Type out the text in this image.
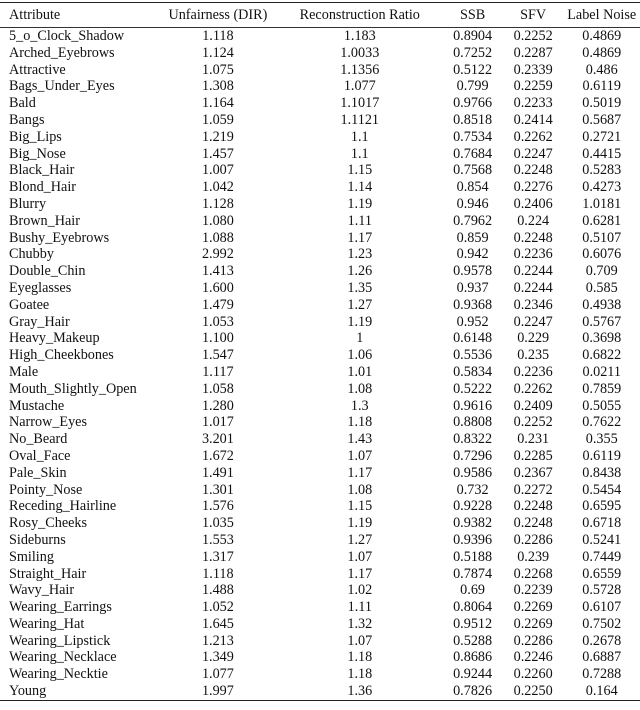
Attribute	Unfairness (DIR)	Reconstruction Ratio	SSB	SFV	Label Noise
5_o_Clock_Shadow	1.118	1.183	0.8904	0.2252	0.4869
Arched_Eyebrows	1.124	1.0033	0.7252	0.2287	0.4869
Attractive	1.075	1.1356	0.5122	0.2339	0.486
Bags_Under_Eyes	1.308	1.077	0.799	0.2259	0.6119
Bald	1.164	1.1017	0.9766	0.2233	0.5019
Bangs	1.059	1.1121	0.8518	0.2414	0.5687
Big_Lips	1.219	1.1	0.7534	0.2262	0.2721
Big_Nose	1.457	1.1	0.7684	0.2247	0.4415
Black_Hair	1.007	1.15	0.7568	0.2248	0.5283
Blond_Hair	1.042	1.14	0.854	0.2276	0.4273
Blurry	1.128	1.19	0.946	0.2406	1.0181
Brown_Hair	1.080	1.11	0.7962	0.224	0.6281
Bushy_Eyebrows	1.088	1.17	0.859	0.2248	0.5107
Chubby	2.992	1.23	0.942	0.2236	0.6076
Double_Chin	1.413	1.26	0.9578	0.2244	0.709
Eyeglasses	1.600	1.35	0.937	0.2244	0.585
Goatee	1.479	1.27	0.9368	0.2346	0.4938
Gray_Hair	1.053	1.19	0.952	0.2247	0.5767
Heavy_Makeup	1.100	1	0.6148	0.229	0.3698
High_Cheekbones	1.547	1.06	0.5536	0.235	0.6822
Male	1.117	1.01	0.5834	0.2236	0.0211
Mouth_Slightly_Open	1.058	1.08	0.5222	0.2262	0.7859
Mustache	1.280	1.3	0.9616	0.2409	0.5055
Narrow_Eyes	1.017	1.18	0.8808	0.2252	0.7622
No_Beard	3.201	1.43	0.8322	0.231	0.355
Oval_Face	1.672	1.07	0.7296	0.2285	0.6119
Pale_Skin	1.491	1.17	0.9586	0.2367	0.8438
Pointy_Nose	1.301	1.08	0.732	0.2272	0.5454
Receding_Hairline	1.576	1.15	0.9228	0.2248	0.6595
Rosy_Cheeks	1.035	1.19	0.9382	0.2248	0.6718
Sideburns	1.553	1.27	0.9396	0.2286	0.5241
Smiling	1.317	1.07	0.5188	0.239	0.7449
Straight_Hair	1.118	1.17	0.7874	0.2268	0.6559
Wavy_Hair	1.488	1.02	0.69	0.2239	0.5728
Wearing_Earrings	1.052	1.11	0.8064	0.2269	0.6107
Wearing_Hat	1.645	1.32	0.9512	0.2269	0.7502
Wearing_Lipstick	1.213	1.07	0.5288	0.2286	0.2678
Wearing_Necklace	1.349	1.18	0.8686	0.2246	0.6887
Wearing_Necktie	1.077	1.18	0.9244	0.2260	0.7288
Young	1.997	1.36	0.7826	0.2250	0.164
